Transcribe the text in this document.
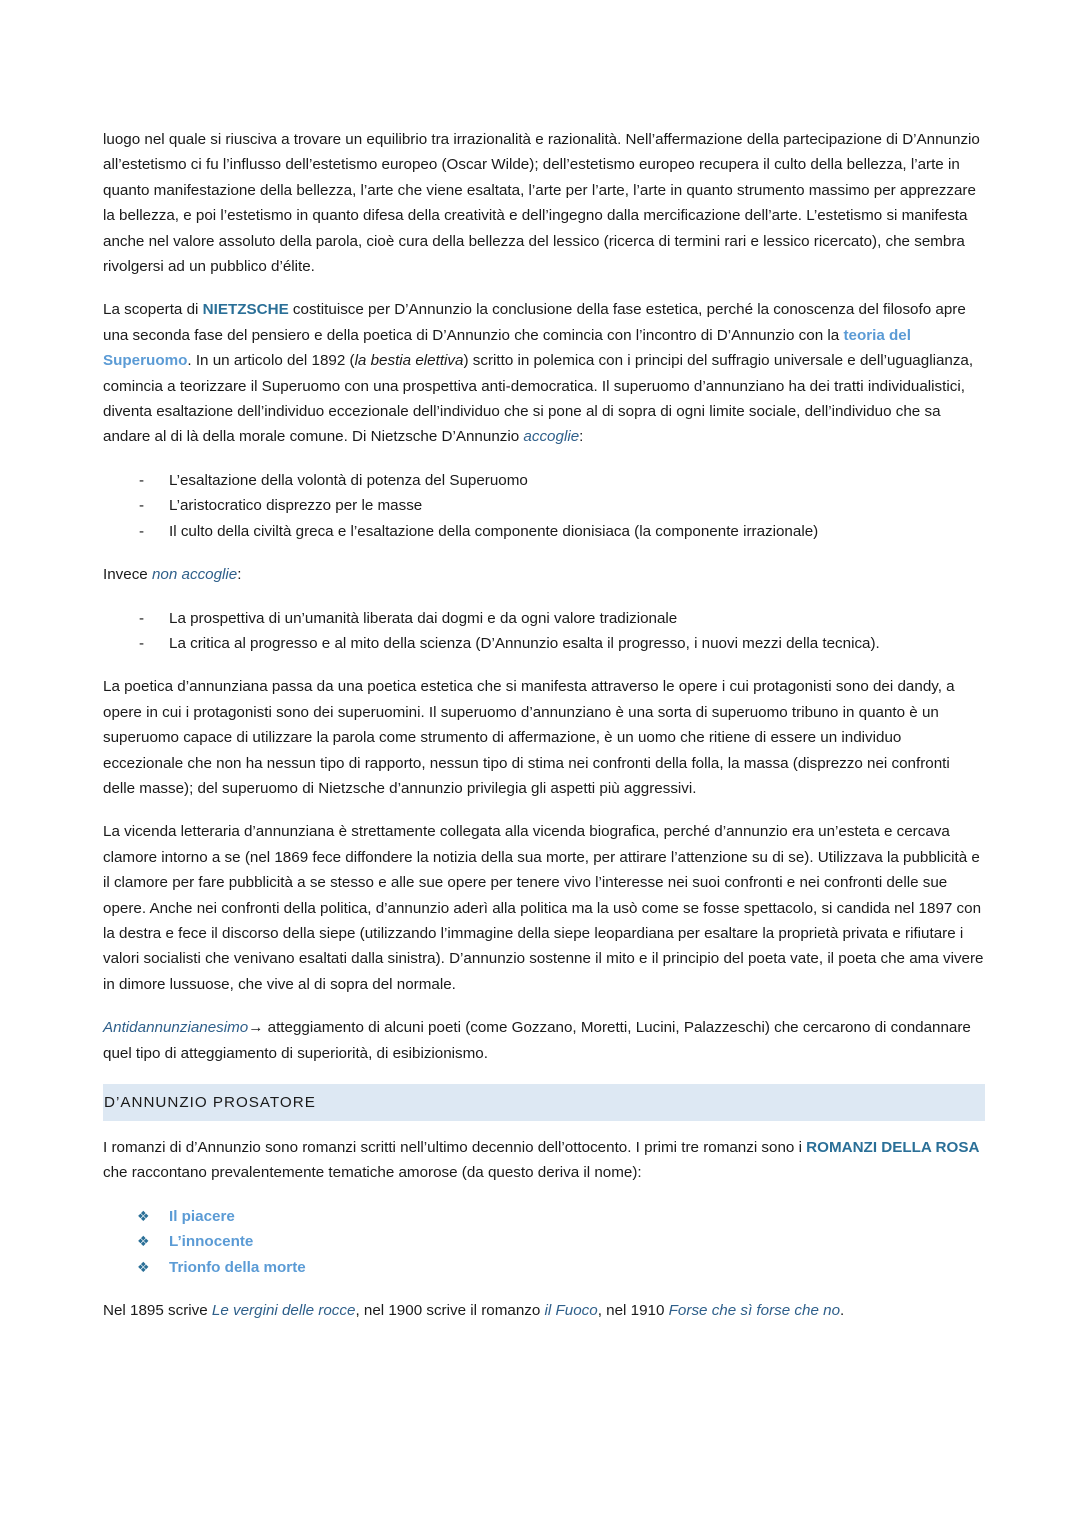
luogo nel quale si riusciva a trovare un equilibrio tra irrazionalità e razionalità. Nell’affermazione della partecipazione di D’Annunzio all’estetismo ci fu l’influsso dell’estetismo europeo (Oscar Wilde); dell’estetismo europeo recupera il culto della bellezza, l’arte in quanto manifestazione della bellezza, l’arte che viene esaltata, l’arte per l’arte, l’arte in quanto strumento massimo per apprezzare la bellezza, e poi l’estetismo in quanto difesa della creatività e dell’ingegno dalla mercificazione dell’arte. L’estetismo si manifesta anche nel valore assoluto della parola, cioè cura della bellezza del lessico (ricerca di termini rari e lessico ricercato), che sembra rivolgersi ad un pubblico d’élite.

La scoperta di NIETZSCHE costituisce per D’Annunzio la conclusione della fase estetica, perché la conoscenza del filosofo apre una seconda fase del pensiero e della poetica di D’Annunzio che comincia con l’incontro di D’Annunzio con la teoria del Superuomo. In un articolo del 1892 (la bestia elettiva) scritto in polemica con i principi del suffragio universale e dell’uguaglianza, comincia a teorizzare il Superuomo con una prospettiva anti-democratica. Il superuomo d’annunziano ha dei tratti individualistici, diventa esaltazione dell’individuo eccezionale dell’individuo che si pone al di sopra di ogni limite sociale, dell’individuo che sa andare al di là della morale comune. Di Nietzsche D’Annunzio accoglie:

- L’esaltazione della volontà di potenza del Superuomo
- L’aristocratico disprezzo per le masse
- Il culto della civiltà greca e l’esaltazione della componente dionisiaca (la componente irrazionale)

Invece non accoglie:

- La prospettiva di un’umanità liberata dai dogmi e da ogni valore tradizionale
- La critica al progresso e al mito della scienza (D’Annunzio esalta il progresso, i nuovi mezzi della tecnica).

La poetica d’annunziana passa da una poetica estetica che si manifesta attraverso le opere i cui protagonisti sono dei dandy, a opere in cui i protagonisti sono dei superuomini. Il superuomo d’annunziano è una sorta di superuomo tribuno in quanto è un superuomo capace di utilizzare la parola come strumento di affermazione, è un uomo che ritiene di essere un individuo eccezionale che non ha nessun tipo di rapporto, nessun tipo di stima nei confronti della folla, la massa (disprezzo nei confronti delle masse); del superuomo di Nietzsche d’annunzio privilegia gli aspetti più aggressivi.

La vicenda letteraria d’annunziana è strettamente collegata alla vicenda biografica, perché d’annunzio era un’esteta e cercava clamore intorno a se (nel 1869 fece diffondere la notizia della sua morte, per attirare l’attenzione su di se). Utilizzava la pubblicità e il clamore per fare pubblicità a se stesso e alle sue opere per tenere vivo l’interesse nei suoi confronti e nei confronti delle sue opere. Anche nei confronti della politica, d’annunzio aderì alla politica ma la usò come se fosse spettacolo, si candida nel 1897 con la destra e fece il discorso della siepe (utilizzando l’immagine della siepe leopardiana per esaltare la proprietà privata e rifiutare i valori socialisti che venivano esaltati dalla sinistra). D’annunzio sostenne il mito e il principio del poeta vate, il poeta che ama vivere in dimore lussuose, che vive al di sopra del normale.

Antidannunzianesimo→ atteggiamento di alcuni poeti (come Gozzano, Moretti, Lucini, Palazzeschi) che cercarono di condannare quel tipo di atteggiamento di superiorità, di esibizionismo.

D’ANNUNZIO PROSATORE

I romanzi di d’Annunzio sono romanzi scritti nell’ultimo decennio dell’ottocento. I primi tre romanzi sono i ROMANZI DELLA ROSA che raccontano prevalentemente tematiche amorose (da questo deriva il nome):

❖ Il piacere
❖ L’innocente
❖ Trionfo della morte

Nel 1895 scrive Le vergini delle rocce, nel 1900 scrive il romanzo il Fuoco, nel 1910 Forse che sì forse che no.
